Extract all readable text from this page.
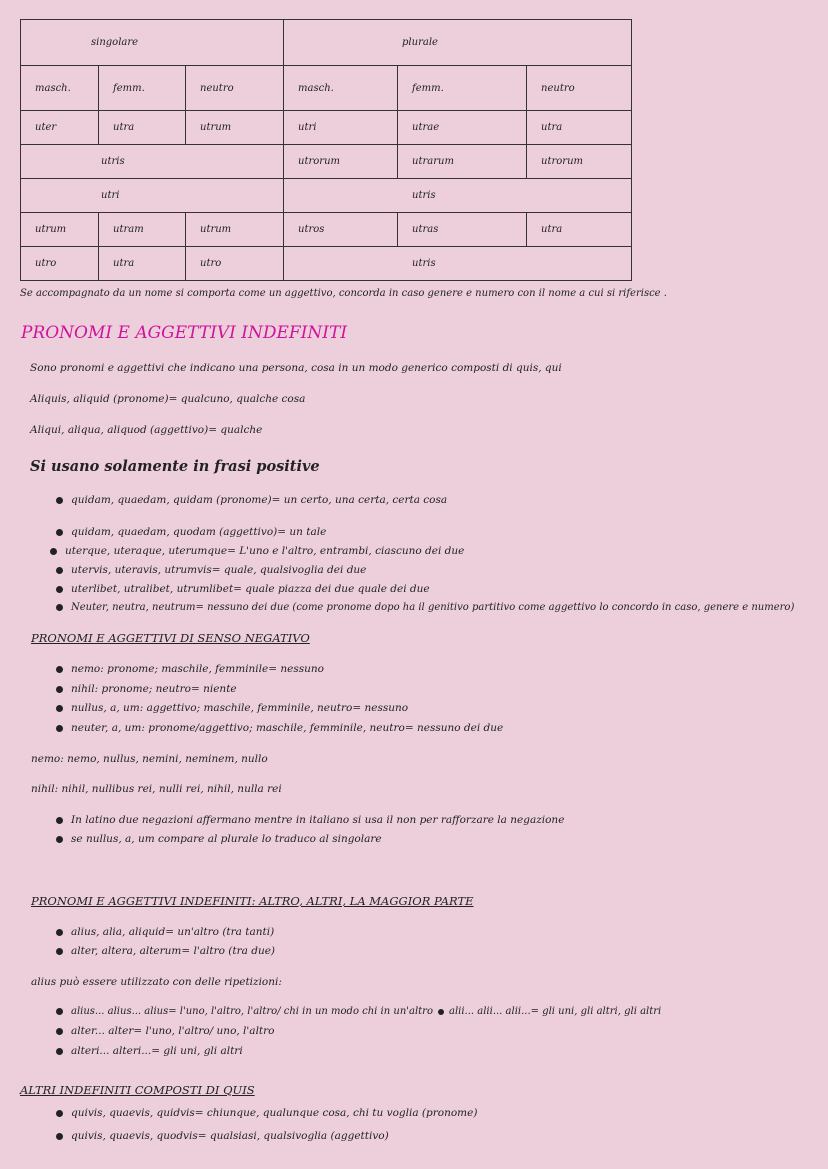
singolare			plurale		
masch.	femm.	neutro	masch.	femm.	neutro
uter	utra	utrum	utri	utrae	utra
utris			utrorum	utrarum	utrorum
utri			utris		
utrum	utram	utrum	utros	utras	utra
utro	utra	utro	utris		
Se accompagnato da un nome si comporta come un aggettivo, concorda in caso genere e numero con il nome a cui si riferisce .
PRONOMI E AGGETTIVI INDEFINITI
Sono pronomi e aggettivi che indicano una persona, cosa in un modo generico composti di quis, qui
Aliquis, aliquid (pronome)= qualcuno, qualche cosa
Aliqui, aliqua, aliquod (aggettivo)= qualche
Si usano solamente in frasi positive
quidam, quaedam, quidam (pronome)= un certo, una certa, certa cosa
quidam, quaedam, quodam (aggettivo)= un tale
uterque, uteraque, uterumque= L'uno e l'altro, entrambi, ciascuno dei due
utervis, uteravis, utrumvis= quale, qualsivoglia dei due
uterlibet, utralibet, utrumlibet= quale piazza dei due quale dei due
Neuter, neutra, neutrum= nessuno dei due (come pronome dopo ha il genitivo partitivo come aggettivo lo concordo in caso, genere e numero)
PRONOMI E AGGETTIVI DI SENSO NEGATIVO
nemo: pronome; maschile, femminile= nessuno
nihil: pronome; neutro= niente
nullus, a, um: aggettivo; maschile, femminile, neutro= nessuno
neuter, a, um: pronome/aggettivo; maschile, femminile, neutro= nessuno dei due
nemo: nemo, nullus, nemini, neminem, nullo
nihil: nihil, nullibus rei, nulli rei, nihil, nulla rei
In latino due negazioni affermano mentre in italiano si usa il non per rafforzare la negazione
se nullus, a, um compare al plurale lo traduco al singolare
PRONOMI E AGGETTIVI INDEFINITI: ALTRO, ALTRI, LA MAGGIOR PARTE
alius, alia, aliquid= un'altro (tra tanti)
alter, altera, alterum= l'altro (tra due)
alius può essere utilizzato con delle ripetizioni:
alius... alius... alius= l'uno, l'altro, l'altro/ chi in un modo chi in un'altro alii... alii... alii...= gli uni, gli altri, gli altri
alter... alter= l'uno, l'altro/ uno, l'altro
alteri... alteri...= gli uni, gli altri
ALTRI INDEFINITI COMPOSTI DI QUIS
quivis, quaevis, quidvis= chiunque, qualunque cosa, chi tu voglia (pronome)
quivis, quaevis, quodvis= qualsiasi, qualsivoglia (aggettivo)
